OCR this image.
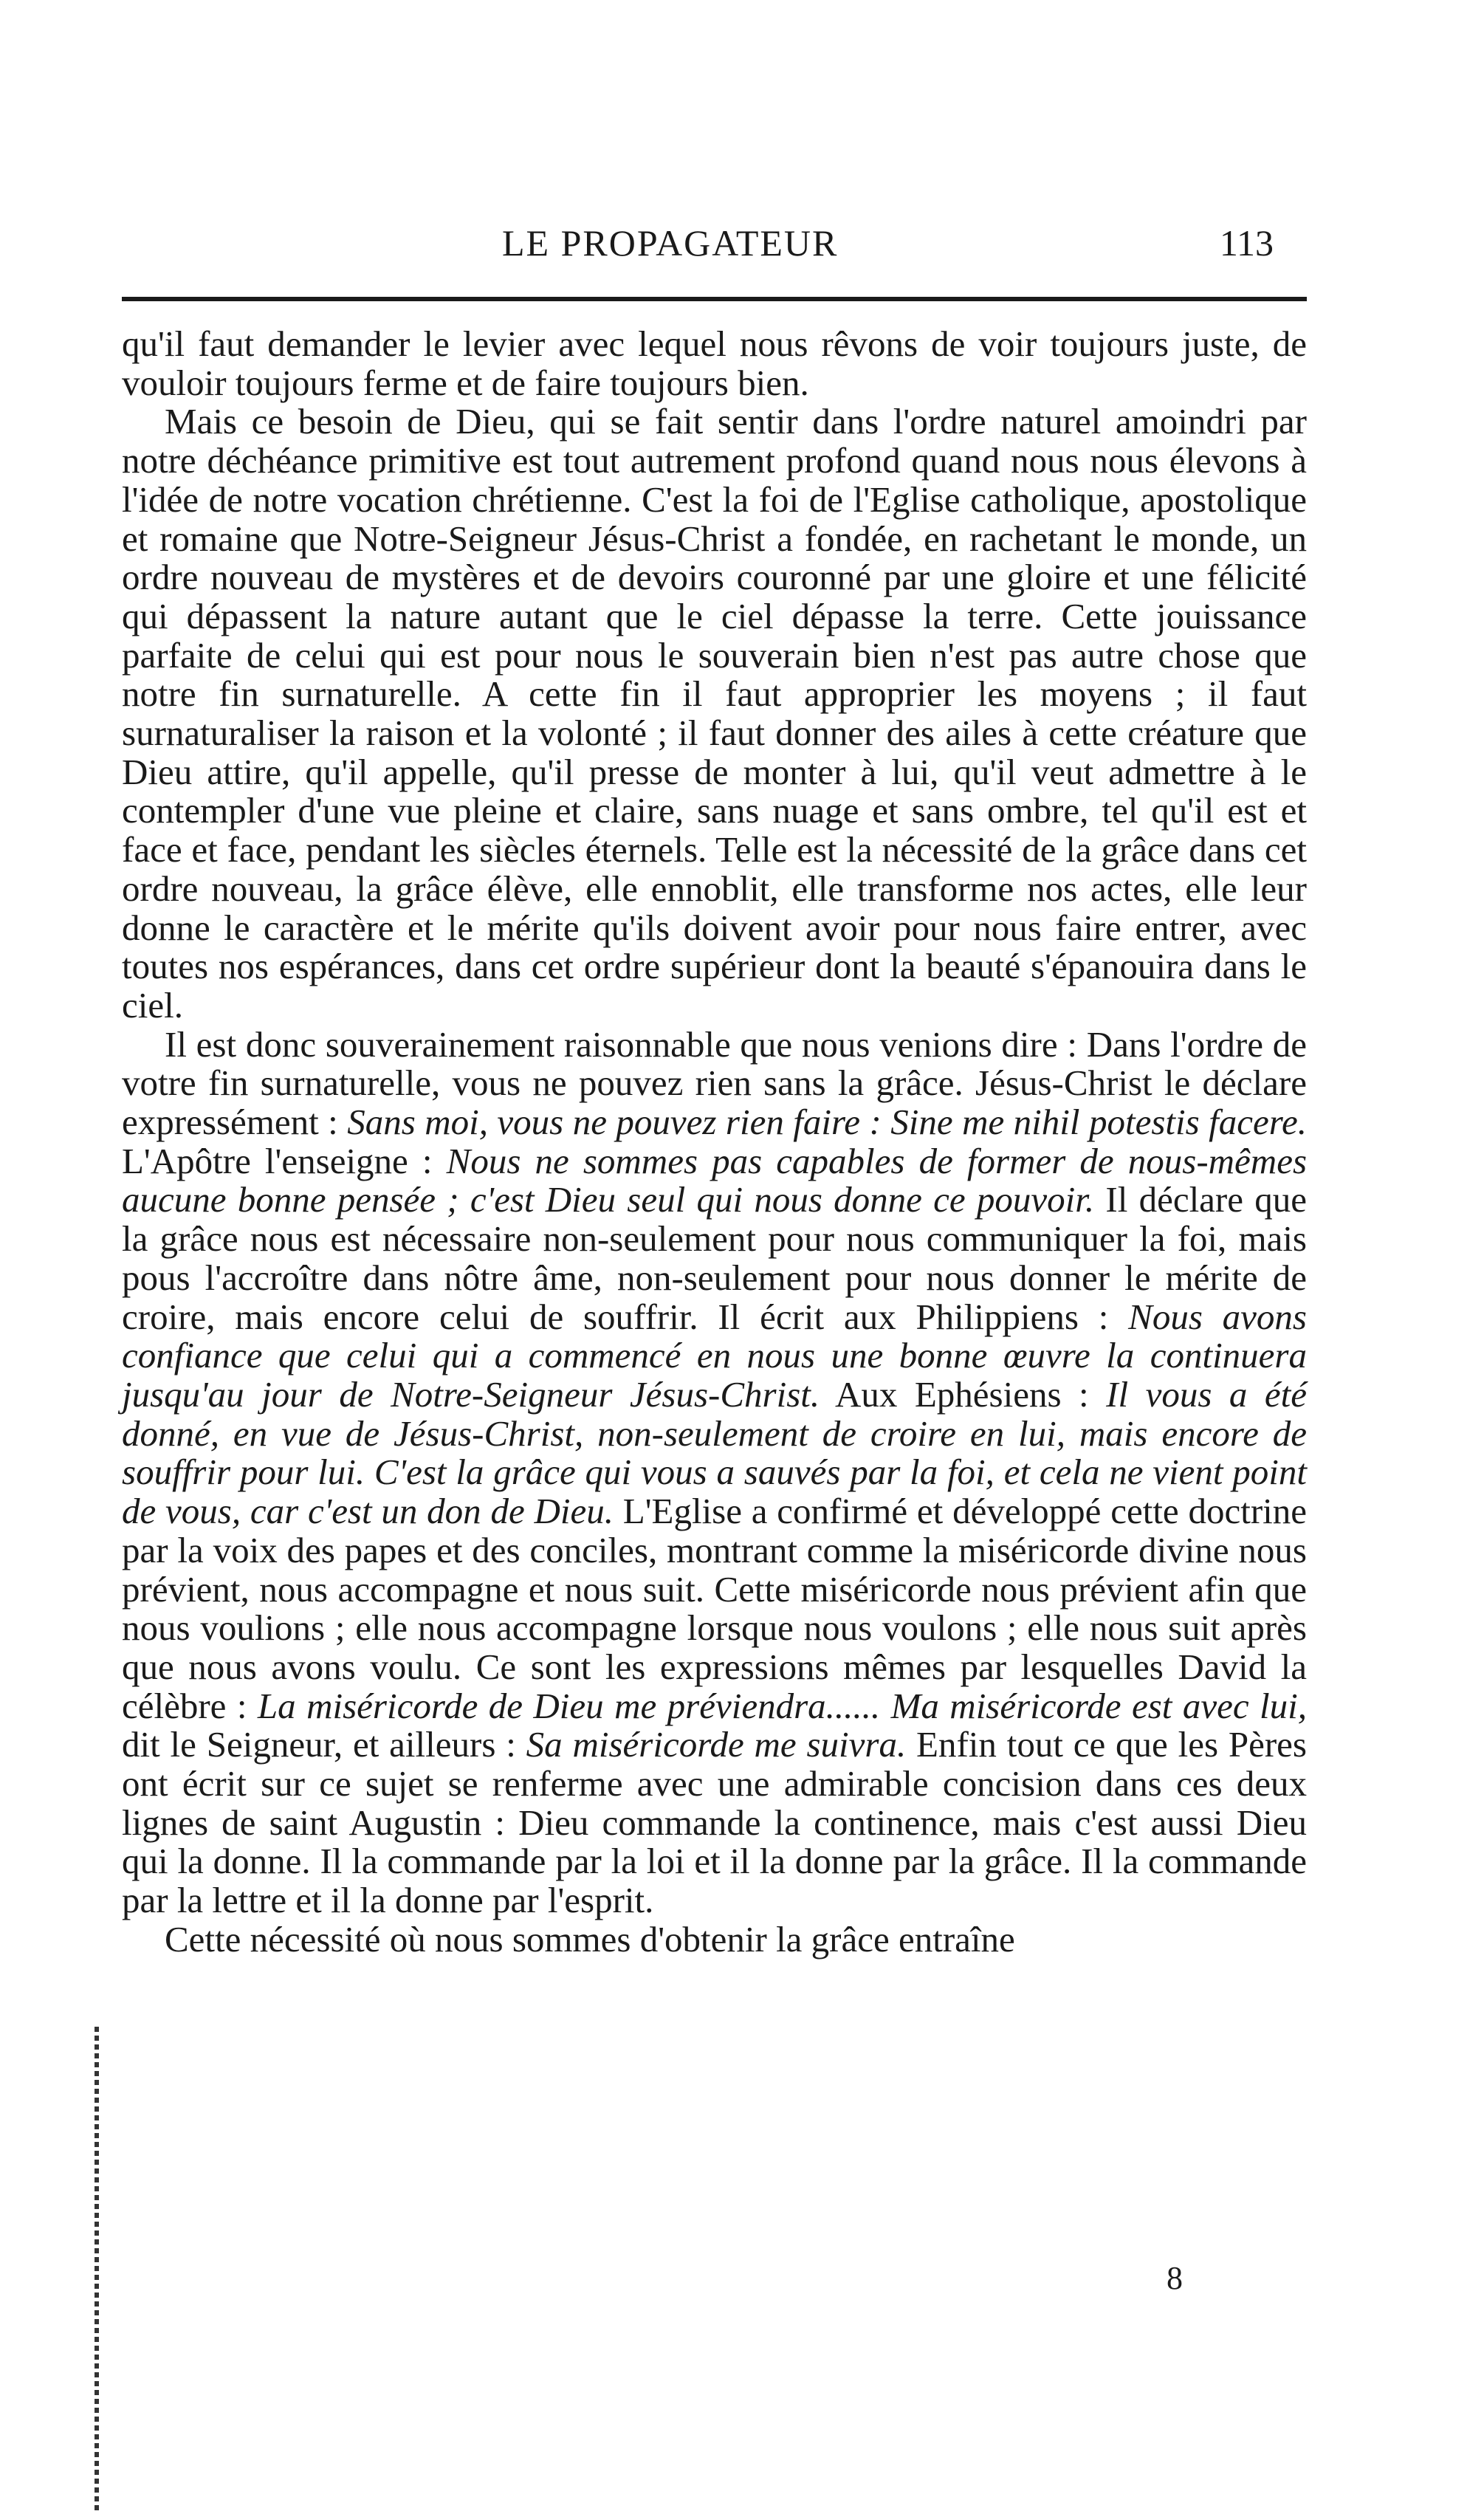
LE PROPAGATEUR	113

qu'il faut demander le levier avec lequel nous rêvons de voir toujours juste, de vouloir toujours ferme et de faire toujours bien.

Mais ce besoin de Dieu, qui se fait sentir dans l'ordre naturel amoindri par notre déchéance primitive est tout autrement profond quand nous nous élevons à l'idée de notre vocation chrétienne. C'est la foi de l'Eglise catholique, apostolique et romaine que Notre-Seigneur Jésus-Christ a fondée, en rachetant le monde, un ordre nouveau de mystères et de devoirs couronné par une gloire et une félicité qui dépassent la nature autant que le ciel dépasse la terre. Cette jouissance parfaite de celui qui est pour nous le souverain bien n'est pas autre chose que notre fin surnaturelle. A cette fin il faut approprier les moyens ; il faut surnaturaliser la raison et la volonté ; il faut donner des ailes à cette créature que Dieu attire, qu'il appelle, qu'il presse de monter à lui, qu'il veut admettre à le contempler d'une vue pleine et claire, sans nuage et sans ombre, tel qu'il est et face et face, pendant les siècles éternels. Telle est la nécessité de la grâce dans cet ordre nouveau, la grâce élève, elle ennoblit, elle transforme nos actes, elle leur donne le caractère et le mérite qu'ils doivent avoir pour nous faire entrer, avec toutes nos espérances, dans cet ordre supérieur dont la beauté s'épanouira dans le ciel.

Il est donc souverainement raisonnable que nous venions dire : Dans l'ordre de votre fin surnaturelle, vous ne pouvez rien sans la grâce. Jésus-Christ le déclare expressément : Sans moi, vous ne pouvez rien faire : Sine me nihil potestis facere. L'Apôtre l'enseigne : Nous ne sommes pas capables de former de nous-mêmes aucune bonne pensée ; c'est Dieu seul qui nous donne ce pouvoir. Il déclare que la grâce nous est nécessaire non-seulement pour nous communiquer la foi, mais pous l'accroître dans nôtre âme, non-seulement pour nous donner le mérite de croire, mais encore celui de souffrir. Il écrit aux Philippiens : Nous avons confiance que celui qui a commencé en nous une bonne œuvre la continuera jusqu'au jour de Notre-Seigneur Jésus-Christ. Aux Ephésiens : Il vous a été donné, en vue de Jésus-Christ, non-seulement de croire en lui, mais encore de souffrir pour lui. C'est la grâce qui vous a sauvés par la foi, et cela ne vient point de vous, car c'est un don de Dieu. L'Eglise a confirmé et développé cette doctrine par la voix des papes et des conciles, montrant comme la miséricorde divine nous prévient, nous accompagne et nous suit. Cette miséricorde nous prévient afin que nous voulions ; elle nous accompagne lorsque nous voulons ; elle nous suit après que nous avons voulu. Ce sont les expressions mêmes par lesquelles David la célèbre : La miséricorde de Dieu me préviendra...... Ma miséricorde est avec lui, dit le Seigneur, et ailleurs : Sa miséricorde me suivra. Enfin tout ce que les Pères ont écrit sur ce sujet se renferme avec une admirable concision dans ces deux lignes de saint Augustin : Dieu commande la continence, mais c'est aussi Dieu qui la donne. Il la commande par la loi et il la donne par la grâce. Il la commande par la lettre et il la donne par l'esprit.

Cette nécessité où nous sommes d'obtenir la grâce entraîne

8
